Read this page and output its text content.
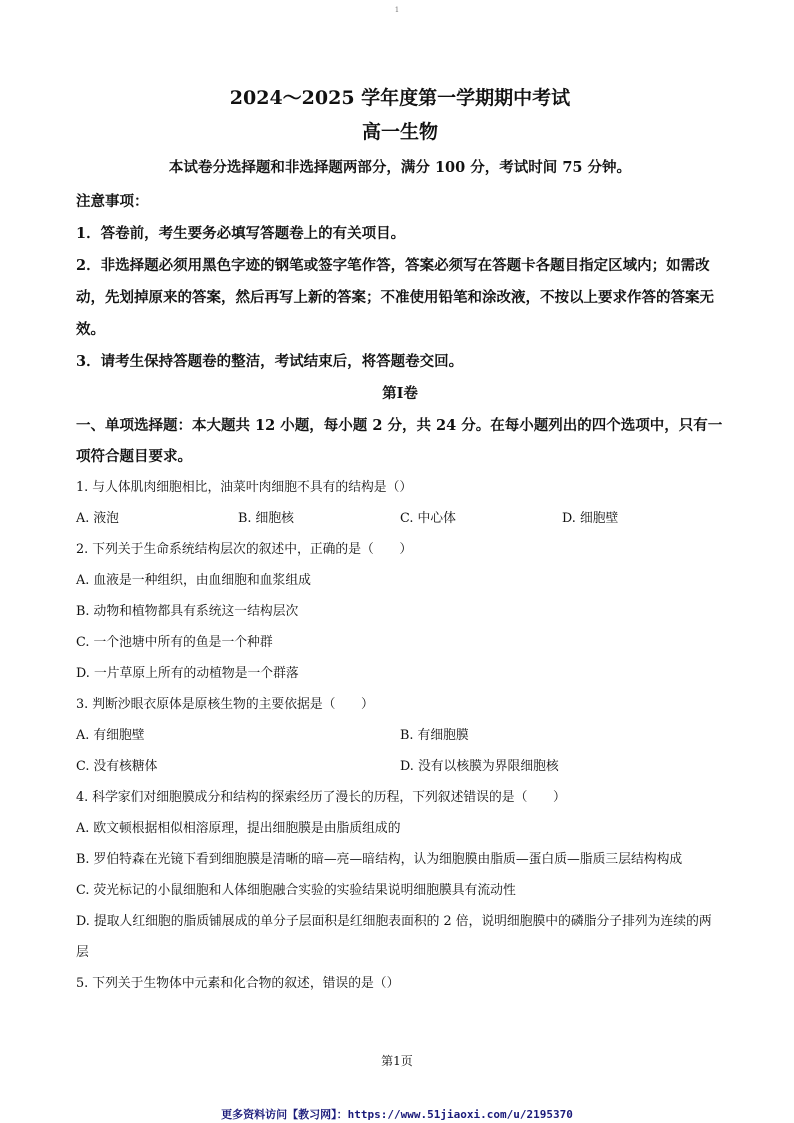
1
2024～2025 学年度第一学期期中考试
高一生物
本试卷分选择题和非选择题两部分，满分 100 分，考试时间 75 分钟。
注意事项：
1．答卷前，考生要务必填写答题卷上的有关项目。
2．非选择题必须用黑色字迹的钢笔或签字笔作答，答案必须写在答题卡各题目指定区域内；如需改动，先划掉原来的答案，然后再写上新的答案；不准使用铅笔和涂改液，不按以上要求作答的答案无效。
3．请考生保持答题卷的整洁，考试结束后，将答题卷交回。
第Ⅰ卷
一、单项选择题：本大题共 12 小题，每小题 2 分，共 24 分。在每小题列出的四个选项中，只有一项符合题目要求。
1. 与人体肌肉细胞相比，油菜叶肉细胞不具有的结构是（）
A. 液泡	B. 细胞核	C. 中心体	D. 细胞壁
2. 下列关于生命系统结构层次的叙述中，正确的是（　　）
A. 血液是一种组织，由血细胞和血浆组成
B. 动物和植物都具有系统这一结构层次
C. 一个池塘中所有的鱼是一个种群
D. 一片草原上所有的动植物是一个群落
3. 判断沙眼衣原体是原核生物的主要依据是（　　）
A. 有细胞壁	B. 有细胞膜
C. 没有核糖体	D. 没有以核膜为界限细胞核
4. 科学家们对细胞膜成分和结构的探索经历了漫长的历程，下列叙述错误的是（　　）
A. 欧文顿根据相似相溶原理，提出细胞膜是由脂质组成的
B. 罗伯特森在光镜下看到细胞膜是清晰的暗—亮—暗结构，认为细胞膜由脂质—蛋白质—脂质三层结构构成
C. 荧光标记的小鼠细胞和人体细胞融合实验的实验结果说明细胞膜具有流动性
D. 提取人红细胞的脂质铺展成的单分子层面积是红细胞表面积的 2 倍，说明细胞膜中的磷脂分子排列为连续的两层
5. 下列关于生物体中元素和化合物的叙述，错误的是（）
第1页
更多资料访问【教习网】：https://www.51jiaoxi.com/u/2195370
